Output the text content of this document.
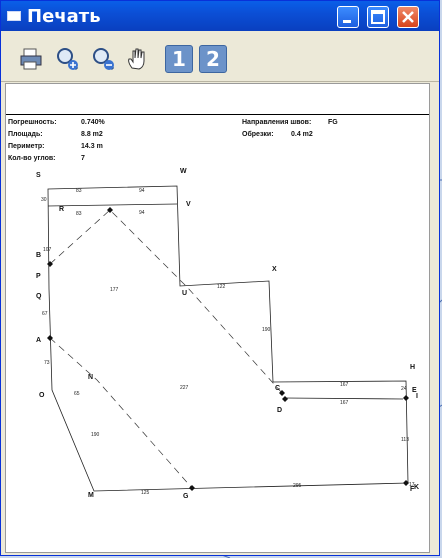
Печать
1	2
Погрешность:	0.740%
Площадь:	8.8 m2
Периметр:	14.3 m
Кол-во углов:	7
Направления швов: FG
Обрезки: 0.4 m2
S
W
R
V
B
P
Q	U
X
A
N
O
C
D
H
E
I
M	G
F K
83	94
30
83	94
107
67
177	122
73
65
227
190
167
24
167
113
125
295
190
17
